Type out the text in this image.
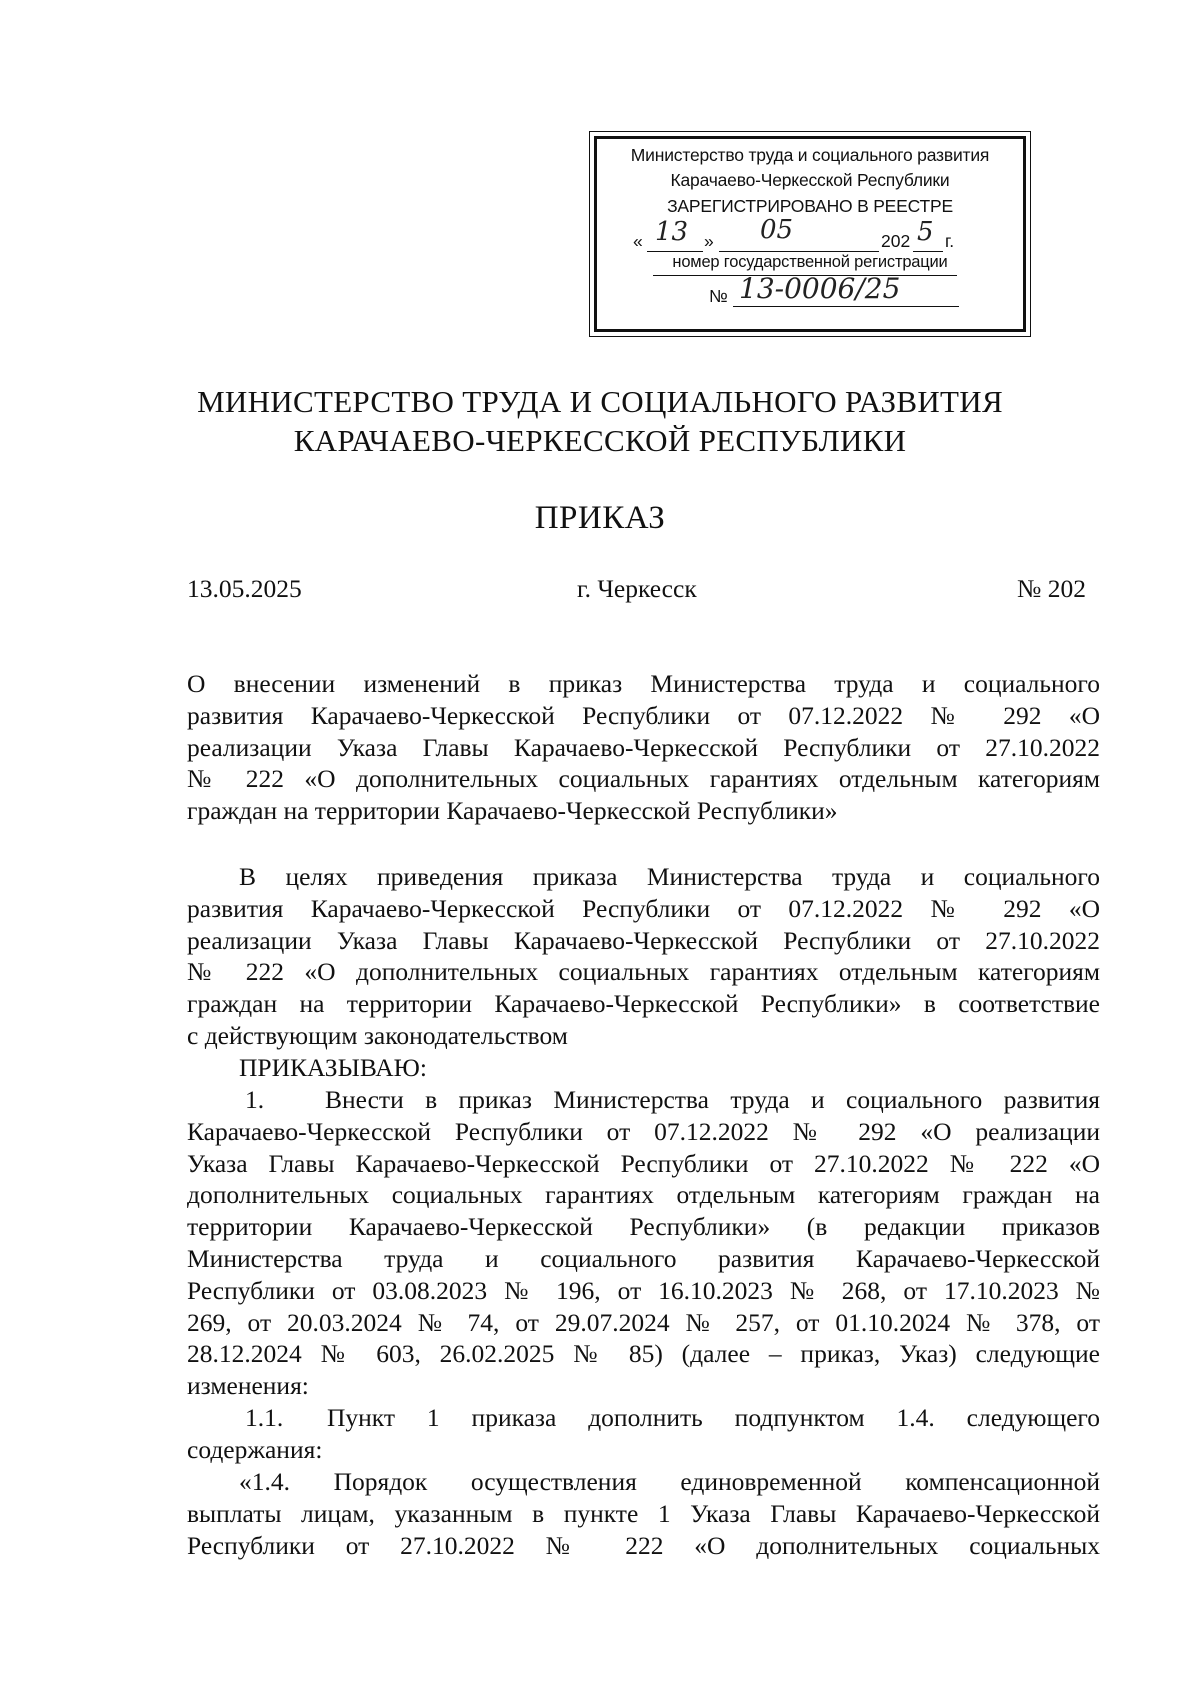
Министерство труда и социального развития
Карачаево-Черкесской Республики
ЗАРЕГИСТРИРОВАНО В РЕЕСТРЕ
« 13 » 05	202 5 г.
номер государственной регистрации
№ 13-0006/25
МИНИСТЕРСТВО ТРУДА И СОЦИАЛЬНОГО РАЗВИТИЯ
КАРАЧАЕВО-ЧЕРКЕССКОЙ РЕСПУБЛИКИ
ПРИКАЗ
13.05.2025	г. Черкесск	№ 202
О внесении изменений в приказ Министерства труда и социального
развития Карачаево-Черкесской Республики от 07.12.2022 № 292 «О
реализации Указа Главы Карачаево-Черкесской Республики от 27.10.2022
№ 222 «О дополнительных социальных гарантиях отдельным категориям
граждан на территории Карачаево-Черкесской Республики»
В целях приведения приказа Министерства труда и социального
развития Карачаево-Черкесской Республики от 07.12.2022 № 292 «О
реализации Указа Главы Карачаево-Черкесской Республики от 27.10.2022
№ 222 «О дополнительных социальных гарантиях отдельным категориям
граждан на территории Карачаево-Черкесской Республики» в соответствие
с действующим законодательством
ПРИКАЗЫВАЮ:
1.	Внести в приказ Министерства труда и социального развития
Карачаево-Черкесской Республики от 07.12.2022 № 292 «О реализации
Указа Главы Карачаево-Черкесской Республики от 27.10.2022 № 222 «О
дополнительных социальных гарантиях отдельным категориям граждан на
территории Карачаево-Черкесской Республики» (в редакции приказов
Министерства труда и социального развития Карачаево-Черкесской
Республики от 03.08.2023 № 196, от 16.10.2023 № 268, от 17.10.2023 №
269, от 20.03.2024 № 74, от 29.07.2024 № 257, от 01.10.2024 № 378, от
28.12.2024 № 603, 26.02.2025 № 85) (далее – приказ, Указ) следующие
изменения:
1.1.	Пункт 1 приказа дополнить подпунктом 1.4. следующего
содержания:
«1.4. Порядок осуществления единовременной компенсационной
выплаты лицам, указанным в пункте 1 Указа Главы Карачаево-Черкесской
Республики от 27.10.2022 № 222 «О дополнительных социальных
